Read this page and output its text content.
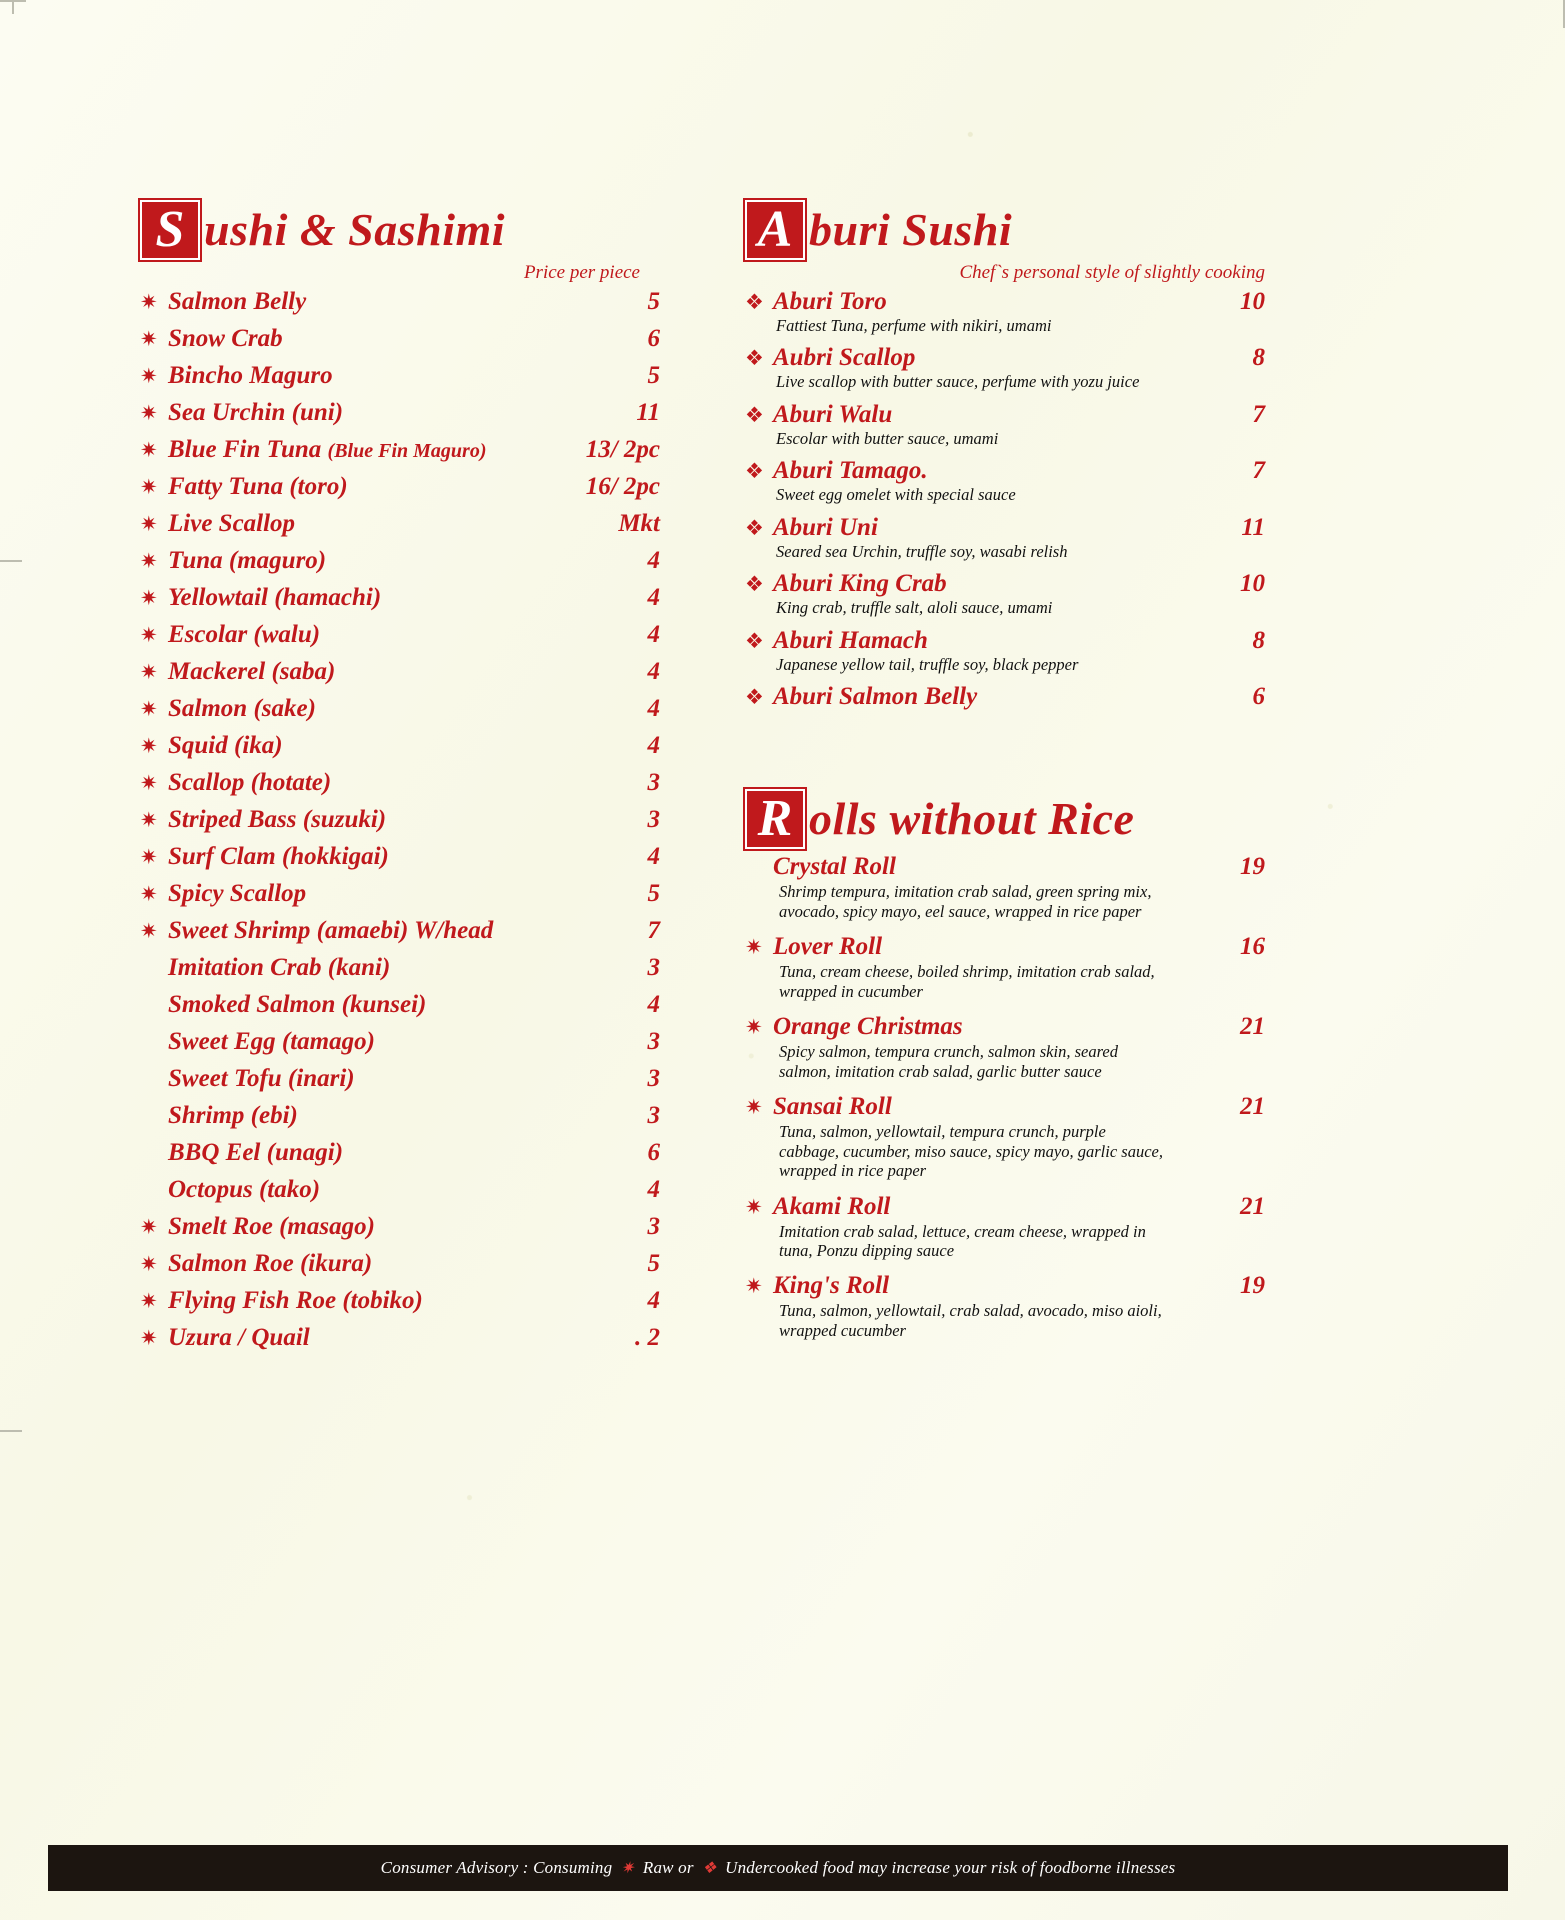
S ushi & Sashimi
Price per piece
✷ Salmon Belly	5
✷ Snow Crab	6
✷ Bincho Maguro	5
✷ Sea Urchin (uni)	11
✷ Blue Fin Tuna (Blue Fin Maguro)	13/ 2pc
✷ Fatty Tuna (toro)	16/ 2pc
✷ Live Scallop	Mkt
✷ Tuna (maguro)	4
✷ Yellowtail (hamachi)	4
✷ Escolar (walu)	4
✷ Mackerel (saba)	4
✷ Salmon (sake)	4
✷ Squid (ika)	4
✷ Scallop (hotate)	3
✷ Striped Bass (suzuki)	3
✷ Surf Clam (hokkigai)	4
✷ Spicy Scallop	5
✷ Sweet Shrimp (amaebi) W/head	7
Imitation Crab (kani)	3
Smoked Salmon (kunsei)	4
Sweet Egg (tamago)	3
Sweet Tofu (inari)	3
Shrimp (ebi)	3
BBQ Eel (unagi)	6
Octopus (tako)	4
✷ Smelt Roe (masago)	3
✷ Salmon Roe (ikura)	5
✷ Flying Fish Roe (tobiko)	4
✷ Uzura / Quail	. 2
A buri Sushi
Chef`s personal style of slightly cooking
❖ Aburi Toro	10
Fattiest Tuna, perfume with nikiri, umami
❖ Aubri Scallop	8
Live scallop with butter sauce, perfume with yozu juice
❖ Aburi Walu	7
Escolar with butter sauce, umami
❖ Aburi Tamago.	7
Sweet egg omelet with special sauce
❖ Aburi Uni	11
Seared sea Urchin, truffle soy, wasabi relish
❖ Aburi King Crab	10
King crab, truffle salt, aloli sauce, umami
❖ Aburi Hamach	8
Japanese yellow tail, truffle soy, black pepper
❖ Aburi Salmon Belly	6
R olls without Rice
Crystal Roll	19
Shrimp tempura, imitation crab salad, green spring mix, avocado, spicy mayo, eel sauce, wrapped in rice paper
✷ Lover Roll	16
Tuna, cream cheese, boiled shrimp, imitation crab salad, wrapped in cucumber
✷ Orange Christmas	21
Spicy salmon, tempura crunch, salmon skin, seared salmon, imitation crab salad, garlic butter sauce
✷ Sansai Roll	21
Tuna, salmon, yellowtail, tempura crunch, purple cabbage, cucumber, miso sauce, spicy mayo, garlic sauce, wrapped in rice paper
✷ Akami Roll	21
Imitation crab salad, lettuce, cream cheese, wrapped in tuna, Ponzu dipping sauce
✷ King's Roll	19
Tuna, salmon, yellowtail, crab salad, avocado, miso aioli, wrapped cucumber
Consumer Advisory : Consuming ✷ Raw or ❖ Undercooked food may increase your risk of foodborne illnesses
